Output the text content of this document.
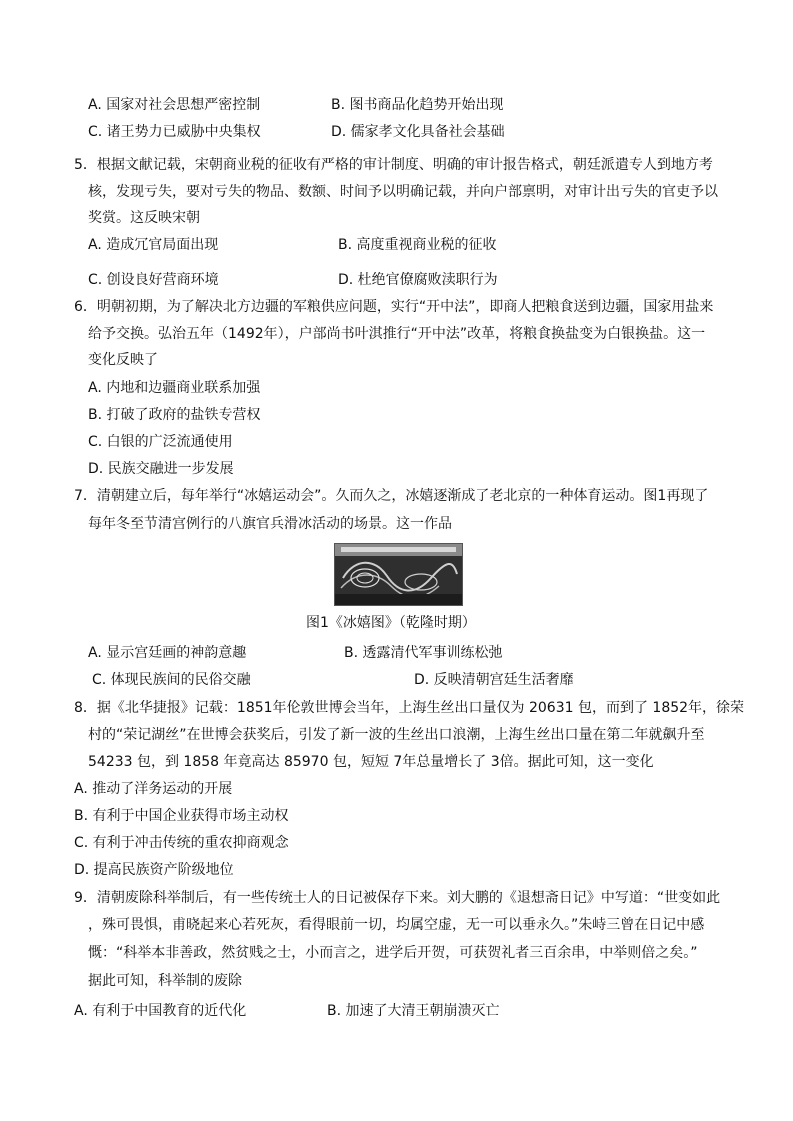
A. 国家对社会思想严密控制	B. 图书商品化趋势开始出现
C. 诸王势力已威胁中央集权	D. 儒家孝文化具备社会基础
5．根据文献记载，宋朝商业税的征收有严格的审计制度、明确的审计报告格式，朝廷派遣专人到地方考
核，发现亏失，要对亏失的物品、数额、时间予以明确记载，并向户部禀明，对审计出亏失的官吏予以
奖赏。这反映宋朝
A. 造成冗官局面出现	B. 高度重视商业税的征收
C. 创设良好营商环境	D. 杜绝官僚腐败渎职行为
6．明朝初期，为了解决北方边疆的军粮供应问题，实行“开中法”，即商人把粮食送到边疆，国家用盐来
给予交换。弘治五年（1492年），户部尚书叶淇推行“开中法”改革，将粮食换盐变为白银换盐。这一
变化反映了
A. 内地和边疆商业联系加强
B. 打破了政府的盐铁专营权
C. 白银的广泛流通使用
D. 民族交融进一步发展
7．清朝建立后，每年举行“冰嬉运动会”。久而久之，冰嬉逐渐成了老北京的一种体育运动。图1再现了
每年冬至节清宫例行的八旗官兵滑冰活动的场景。这一作品
图1《冰嬉图》（乾隆时期）
A. 显示宫廷画的神韵意趣	B. 透露清代军事训练松弛
C. 体现民族间的民俗交融	D. 反映清朝宫廷生活奢靡
8．据《北华捷报》记载：1851年伦敦世博会当年，上海生丝出口量仅为 20631 包，而到了 1852年，徐荣
村的“荣记湖丝”在世博会获奖后，引发了新一波的生丝出口浪潮，上海生丝出口量在第二年就飙升至
54233 包，到 1858 年竟高达 85970 包，短短 7年总量增长了 3倍。据此可知，这一变化
A. 推动了洋务运动的开展
B. 有利于中国企业获得市场主动权
C. 有利于冲击传统的重农抑商观念
D. 提高民族资产阶级地位
9．清朝废除科举制后，有一些传统士人的日记被保存下来。刘大鹏的《退想斋日记》中写道：“世变如此
，殊可畏惧，甫晓起来心若死灰，看得眼前一切，均属空虚，无一可以垂永久。”朱峙三曾在日记中感
慨：“科举本非善政，然贫贱之士，小而言之，进学后开贺，可获贺礼者三百余串，中举则倍之矣。”
据此可知，科举制的废除
A. 有利于中国教育的近代化	B. 加速了大清王朝崩溃灭亡
